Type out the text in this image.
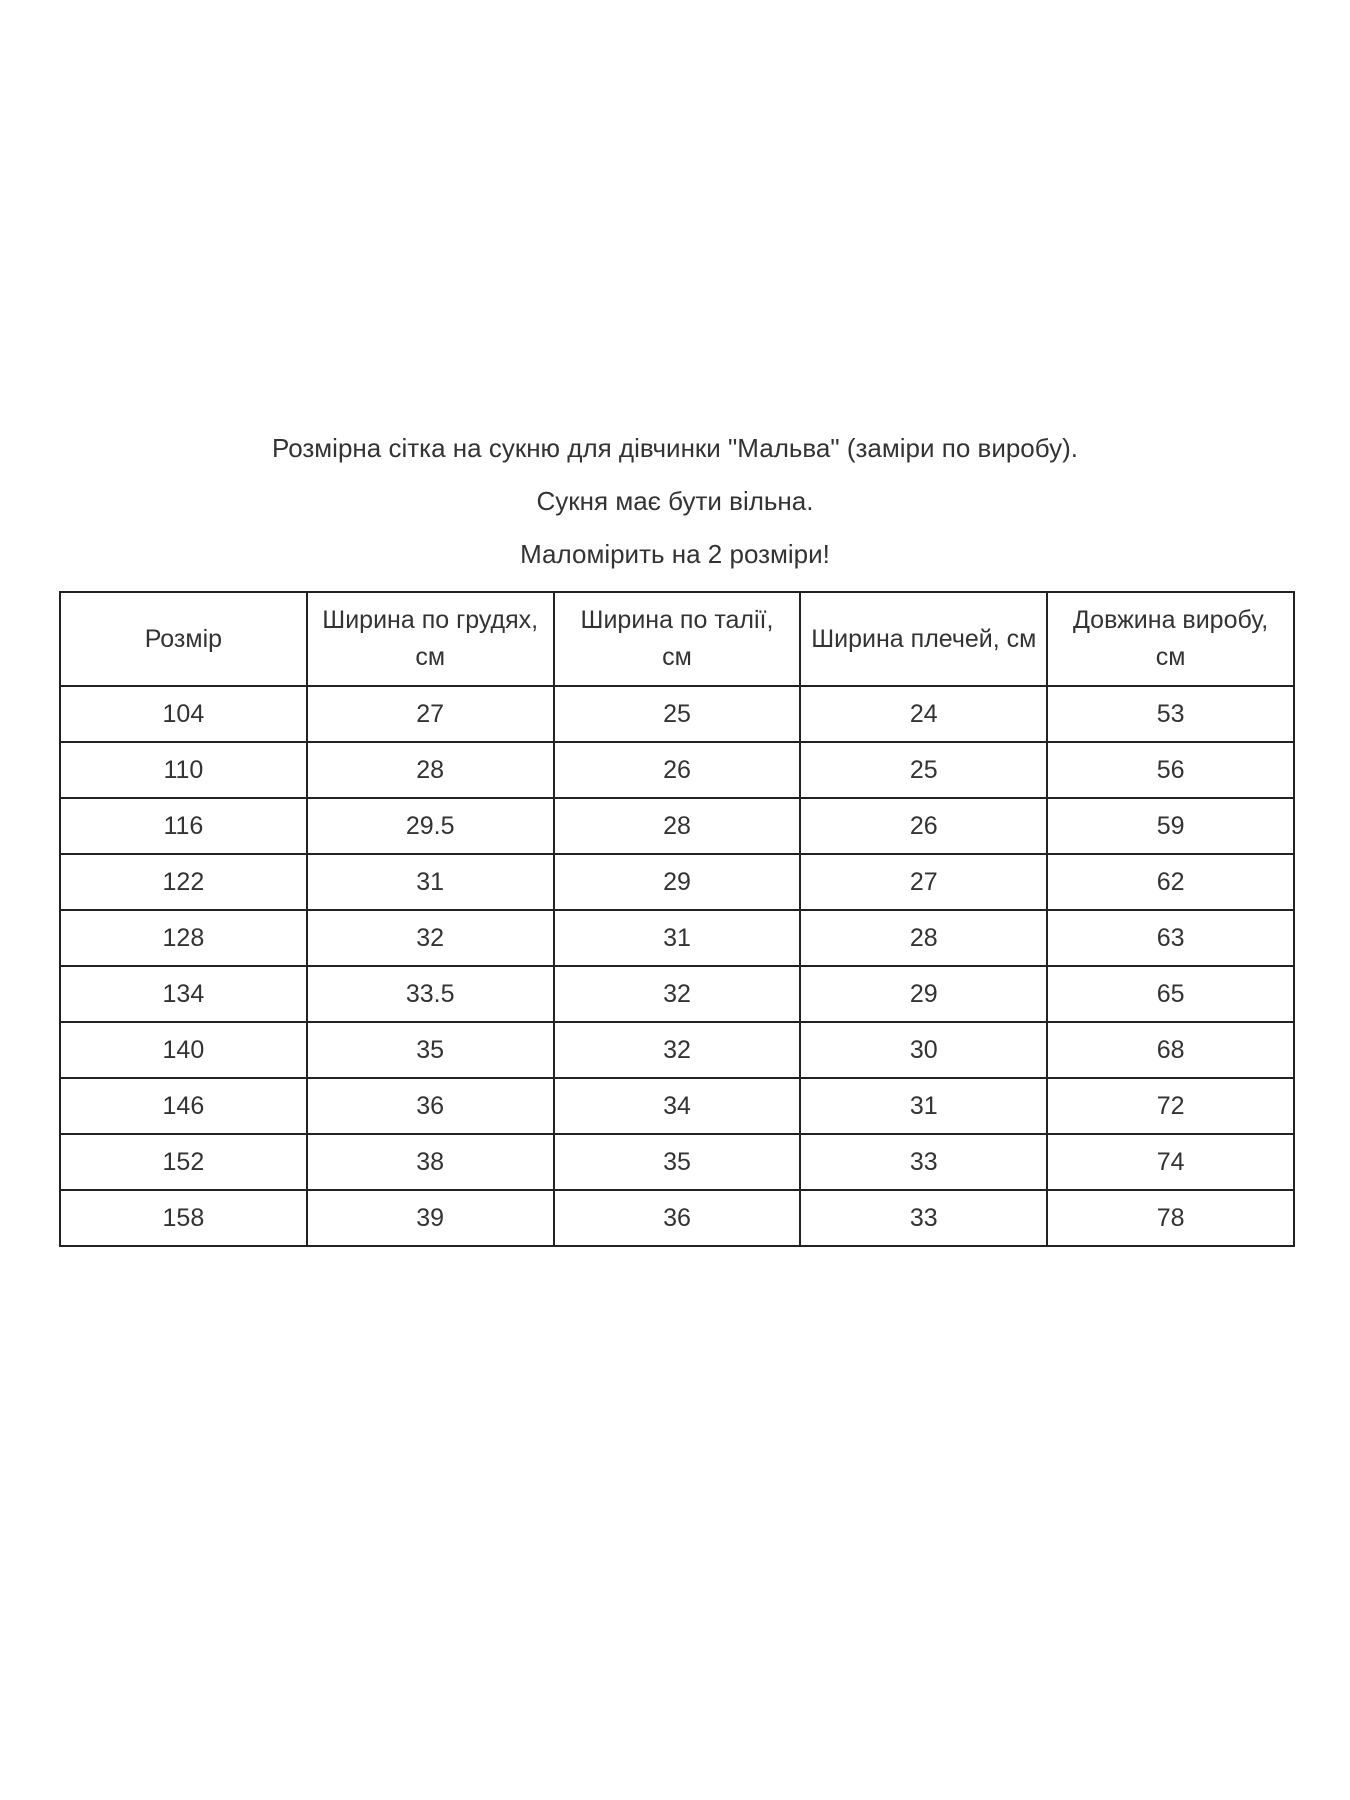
Розмірна сітка на сукню для дівчинки "Мальва" (заміри по виробу).

Сукня має бути вільна.

Маломірить на 2 розміри!

Розмір	Ширина по грудях, см	Ширина по талії, см	Ширина плечей, см	Довжина виробу, см
104	27	25	24	53
110	28	26	25	56
116	29.5	28	26	59
122	31	29	27	62
128	32	31	28	63
134	33.5	32	29	65
140	35	32	30	68
146	36	34	31	72
152	38	35	33	74
158	39	36	33	78
